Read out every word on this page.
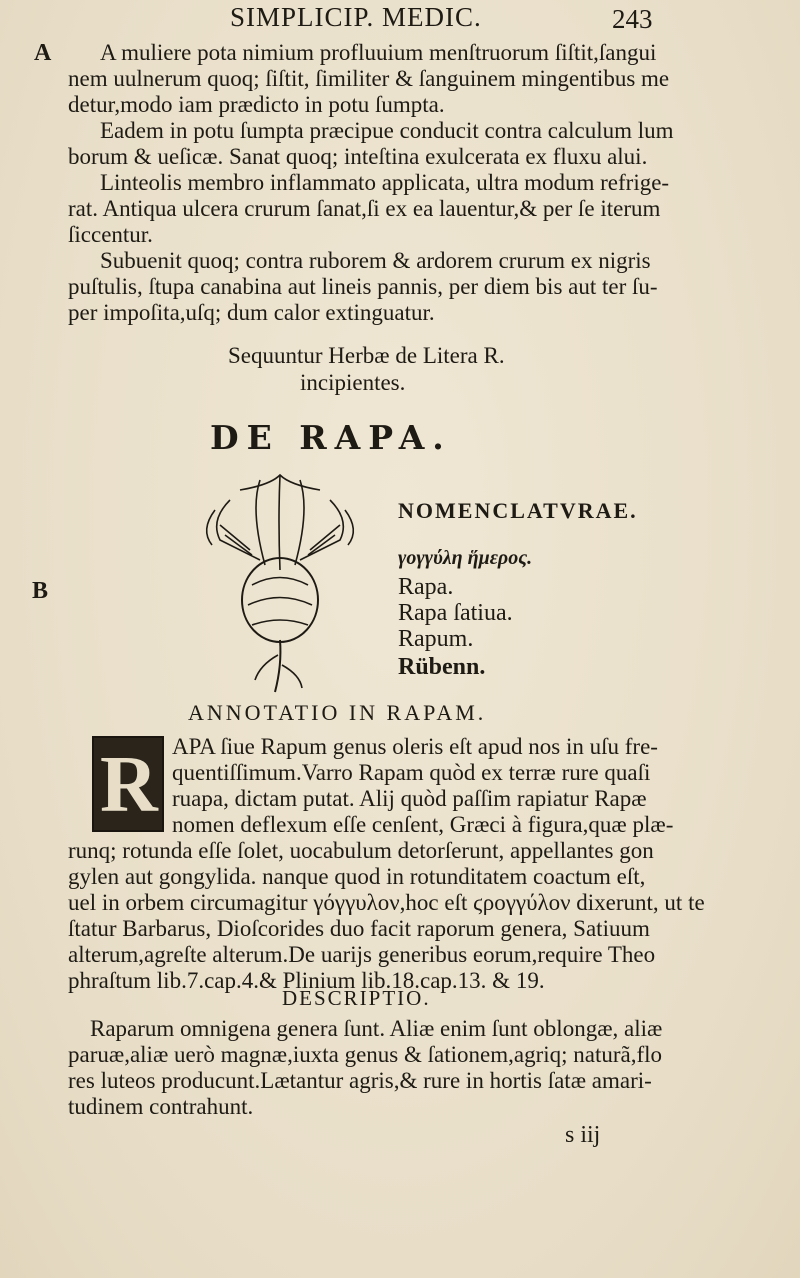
SIMPLICIP. MEDIC.	243
A
B
A muliere pota nimium profluuium menſtruorum ſiſtit,ſangui
nem uulnerum quoq; ſiſtit, ſimiliter & ſanguinem mingentibus me
detur,modo iam prædicto in potu ſumpta.
Eadem in potu ſumpta præcipue conducit contra calculum lum
borum & ueſicæ. Sanat quoq; inteſtina exulcerata ex fluxu alui.
Linteolis membro inflammato applicata, ultra modum refrige-
rat. Antiqua ulcera crurum ſanat,ſi ex ea lauentur,& per ſe iterum
ſiccentur.
Subuenit quoq; contra ruborem & ardorem crurum ex nigris
puſtulis, ſtupa canabina aut lineis pannis, per diem bis aut ter ſu-
per impoſita,uſq; dum calor extinguatur.
Sequuntur Herbæ de Litera R.
incipientes.
DE RAPA.
NOMENCLATVRAE.
γογγύλη ἥμερος.
Rapa.
Rapa ſatiua.
Rapum.
Rübenn.
ANNOTATIO IN RAPAM.
R APA ſiue Rapum genus oleris eſt apud nos in uſu fre-
quentiſſimum.Varro Rapam quòd ex terræ rure quaſi
ruapa, dictam putat. Alij quòd paſſim rapiatur Rapæ
nomen deflexum eſſe cenſent, Græci à figura,quæ plæ-
runq; rotunda eſſe ſolet, uocabulum detorſerunt, appellantes gon
gylen aut gongylida. nanque quod in rotunditatem coactum eſt,
uel in orbem circumagitur γόγγυλον,hoc eſt ϛρογγύλον dixerunt, ut te
ſtatur Barbarus, Dioſcorides duo facit raporum genera, Satiuum
alterum,agreſte alterum.De uarijs generibus eorum,require Theo
phraſtum lib.7.cap.4.& Plinium lib.18.cap.13. & 19.
DESCRIPTIO.
Raparum omnigena genera ſunt. Aliæ enim ſunt oblongæ, aliæ
paruæ,aliæ uerò magnæ,iuxta genus & ſationem,agriq; naturã,flo
res luteos producunt.Lætantur agris,& rure in hortis ſatæ amari-
tudinem contrahunt.
s iij
